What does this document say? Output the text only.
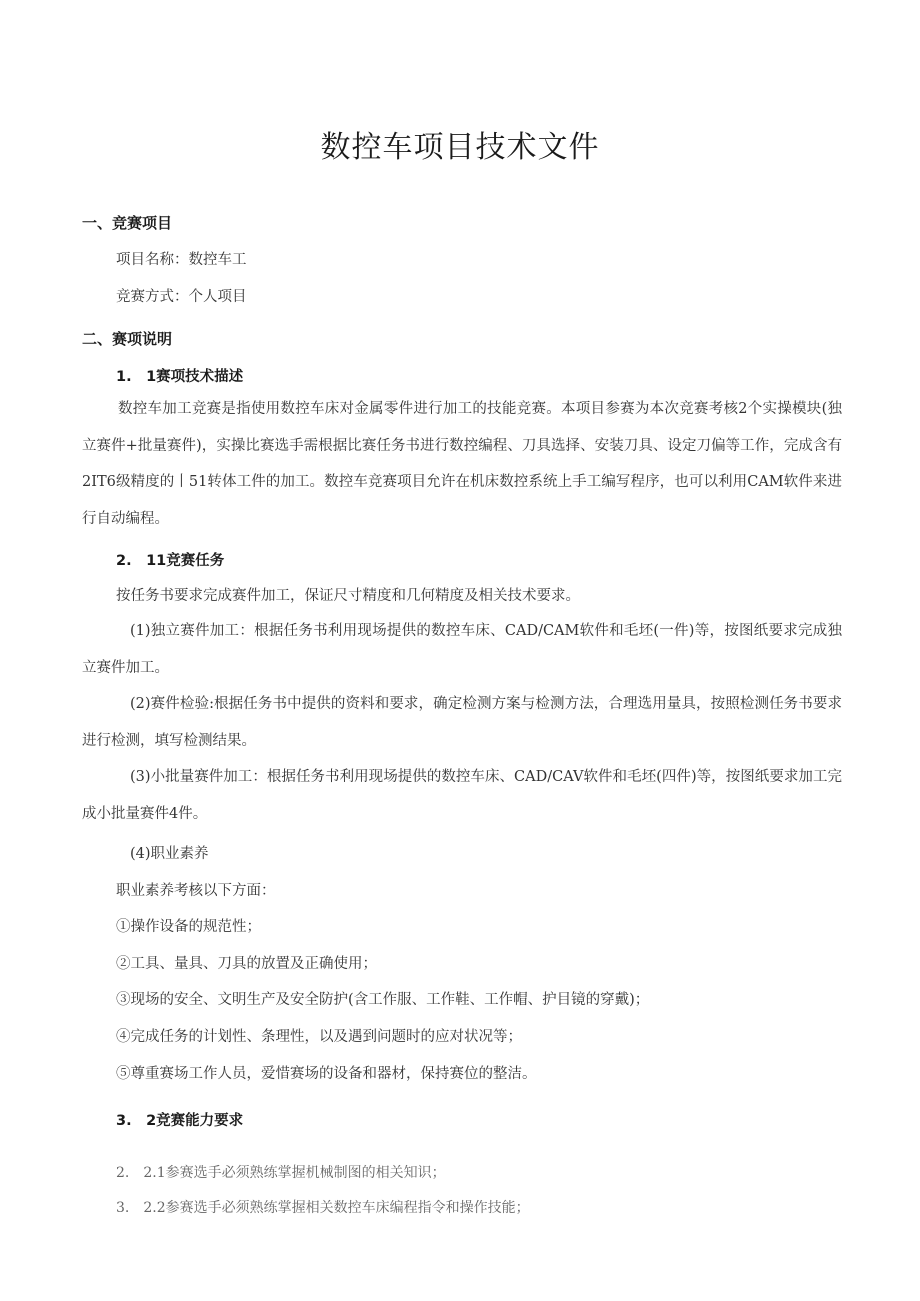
数控车项目技术文件
一、竞赛项目
项目名称：数控车工
竞赛方式：个人项目
二、赛项说明
1.　1赛项技术描述
数控车加工竞赛是指使用数控车床对金属零件进行加工的技能竞赛。本项目参赛为本次竞赛考核2个实操模块(独立赛件+批量赛件)，实操比赛选手需根据比赛任务书进行数控编程、刀具选择、安装刀具、设定刀偏等工作，完成含有2IT6级精度的丨51转体工件的加工。数控车竞赛项目允许在机床数控系统上手工编写程序，也可以利用CAM软件来进行自动编程。
2.　11竞赛任务
按任务书要求完成赛件加工，保证尺寸精度和几何精度及相关技术要求。
(1)独立赛件加工：根据任务书利用现场提供的数控车床、CAD/CAM软件和毛坯(一件)等，按图纸要求完成独立赛件加工。
(2)赛件检验:根据任务书中提供的资料和要求，确定检测方案与检测方法，合理选用量具，按照检测任务书要求进行检测，填写检测结果。
(3)小批量赛件加工：根据任务书利用现场提供的数控车床、CAD/CAV软件和毛坯(四件)等，按图纸要求加工完成小批量赛件4件。
(4)职业素养
职业素养考核以下方面：
①操作设备的规范性；
②工具、量具、刀具的放置及正确使用；
③现场的安全、文明生产及安全防护(含工作服、工作鞋、工作帽、护目镜的穿戴)；
④完成任务的计划性、条理性，以及遇到问题时的应对状况等；
⑤尊重赛场工作人员，爱惜赛场的设备和器材，保持赛位的整洁。
3.　2竞赛能力要求
2.　2.1参赛选手必须熟练掌握机械制图的相关知识；
3.　2.2参赛选手必须熟练掌握相关数控车床编程指令和操作技能；
